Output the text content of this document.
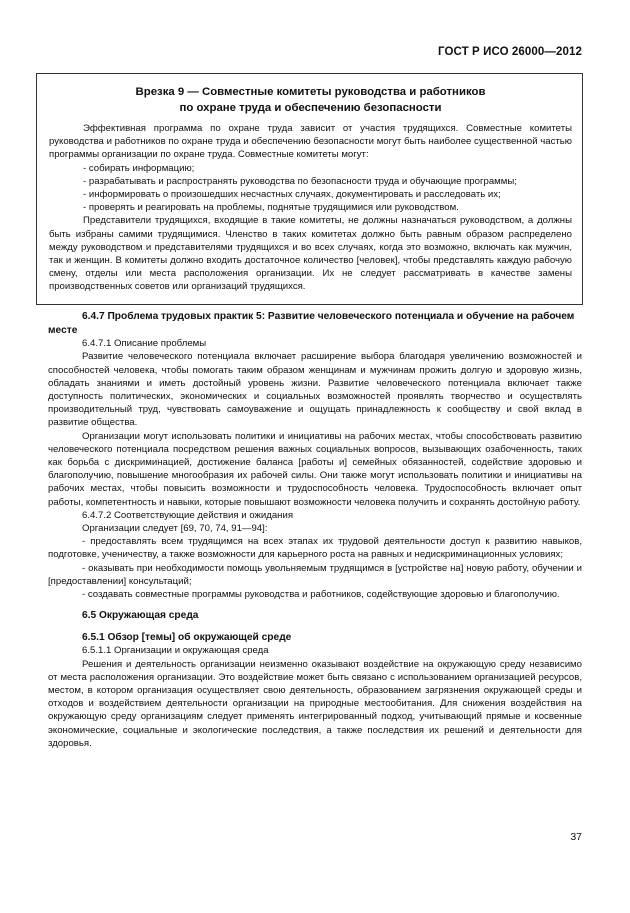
ГОСТ Р ИСО 26000—2012
Врезка 9 — Совместные комитеты руководства и работников
по охране труда и обеспечению безопасности

Эффективная программа по охране труда зависит от участия трудящихся. Совместные комитеты руководства и работников по охране труда и обеспечению безопасности могут быть наиболее существенной частью программы организации по охране труда. Совместные комитеты могут:

- собирать информацию;

- разрабатывать и распространять руководства по безопасности труда и обучающие программы;

- информировать о произошедших несчастных случаях, документировать и расследовать их;

- проверять и реагировать на проблемы, поднятые трудящимися или руководством.

Представители трудящихся, входящие в такие комитеты, не должны назначаться руководством, а должны быть избраны самими трудящимися. Членство в таких комитетах должно быть равным образом распределено между руководством и представителями трудящихся и во всех случаях, когда это возможно, включать как мужчин, так и женщин. В комитеты должно входить достаточное количество [человек], чтобы представлять каждую рабочую смену, отделы или места расположения организации. Их не следует рассматривать в качестве замены производственных советов или организаций трудящихся.

6.4.7 Проблема трудовых практик 5: Развитие человеческого потенциала и обучение на рабочем месте

6.4.7.1 Описание проблемы

Развитие человеческого потенциала включает расширение выбора благодаря увеличению возможностей и способностей человека, чтобы помогать таким образом женщинам и мужчинам прожить долгую и здоровую жизнь, обладать знаниями и иметь достойный уровень жизни. Развитие человеческого потенциала включает также доступность политических, экономических и социальных возможностей проявлять творчество и осуществлять производительный труд, чувствовать самоуважение и ощущать принадлежность к сообществу и свой вклад в развитие общества.

Организации могут использовать политики и инициативы на рабочих местах, чтобы способствовать развитию человеческого потенциала посредством решения важных социальных вопросов, вызывающих озабоченность, таких как борьба с дискриминацией, достижение баланса [работы и] семейных обязанностей, содействие здоровью и благополучию, повышение многообразия их рабочей силы. Они также могут использовать политики и инициативы на рабочих местах, чтобы повысить возможности и трудоспособность человека. Трудоспособность включает опыт работы, компетентность и навыки, которые повышают возможности человека получить и сохранять достойную работу.

6.4.7.2 Соответствующие действия и ожидания

Организации следует [69, 70, 74, 91—94]:

- предоставлять всем трудящимся на всех этапах их трудовой деятельности доступ к развитию навыков, подготовке, ученичеству, а также возможности для карьерного роста на равных и недискриминационных условиях;

- оказывать при необходимости помощь увольняемым трудящимся в [устройстве на] новую работу, обучении и [предоставлении] консультаций;

- создавать совместные программы руководства и работников, содействующие здоровью и благополучию.

6.5 Окружающая среда

6.5.1 Обзор [темы] об окружающей среде

6.5.1.1 Организации и окружающая среда

Решения и деятельность организации неизменно оказывают воздействие на окружающую среду независимо от места расположения организации. Это воздействие может быть связано с использованием организацией ресурсов, местом, в котором организация осуществляет свою деятельность, образованием загрязнения окружающей среды и отходов и воздействием деятельности организации на природные местообитания. Для снижения воздействия на окружающую среду организациям следует применять интегрированный подход, учитывающий прямые и косвенные экономические, социальные и экологические последствия, а также последствия их решений и деятельности для здоровья.

37
